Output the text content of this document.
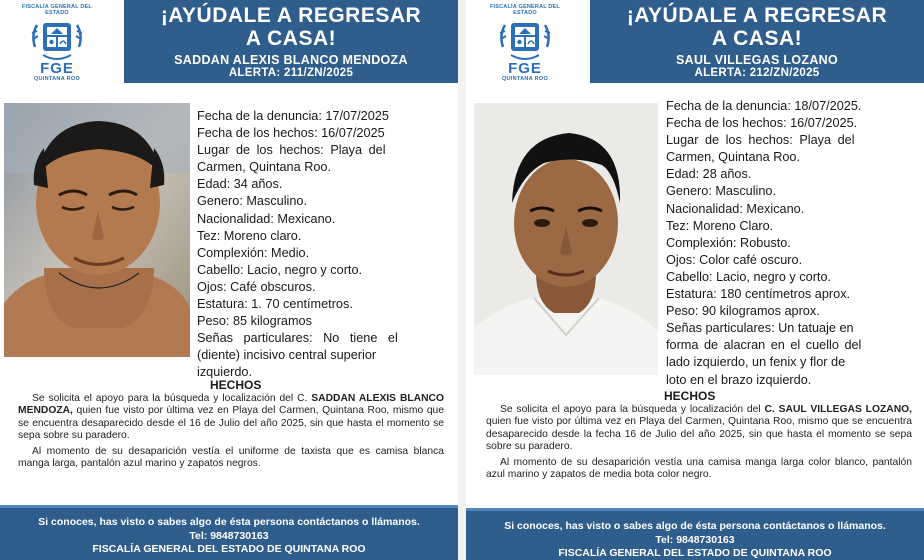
FISCALÍA GENERAL DEL ESTADO
FGE
QUINTANA ROO
¡AYÚDALE A REGRESAR
A CASA!
SADDAN ALEXIS BLANCO MENDOZA
ALERTA: 211/ZN/2025
Fecha de la denuncia: 17/07/2025
Fecha de los hechos: 16/07/2025
Lugar de los hechos: Playa del
Carmen, Quintana Roo.
Edad: 34 años.
Genero: Masculino.
Nacionalidad: Mexicano.
Tez: Moreno claro.
Complexión: Medio.
Cabello: Lacio, negro y corto.
Ojos: Café obscuros.
Estatura: 1. 70 centímetros.
Peso: 85 kilogramos
Señas particulares: No tiene el
(diente) incisivo central superior
izquierdo.
HECHOS

Se solicita el apoyo para la búsqueda y localización del C. SADDAN ALEXIS BLANCO MENDOZA, quien fue visto por última vez en Playa del Carmen, Quintana Roo, mismo que se encuentra desaparecido desde el 16 de Julio del año 2025, sin que hasta el momento se sepa sobre su paradero.

Al momento de su desaparición vestía el uniforme de taxista que es camisa blanca manga larga, pantalón azul marino y zapatos negros.

Si conoces, has visto o sabes algo de ésta persona contáctanos o llámanos.
Tel: 9848730163
FISCALÍA GENERAL DEL ESTADO DE QUINTANA ROO
FISCALÍA GENERAL DEL ESTADO
FGE
QUINTANA ROO
¡AYÚDALE A REGRESAR
A CASA!
SAUL VILLEGAS LOZANO
ALERTA: 212/ZN/2025
Fecha de la denuncia: 18/07/2025.
Fecha de los hechos: 16/07/2025.
Lugar de los hechos: Playa del
Carmen, Quintana Roo.
Edad: 28 años.
Genero: Masculino.
Nacionalidad: Mexicano.
Tez: Moreno Claro.
Complexión: Robusto.
Ojos: Color café oscuro.
Cabello: Lacio, negro y corto.
Estatura: 180 centímetros aprox.
Peso: 90 kilogramos aprox.
Señas particulares: Un tatuaje en
forma de alacran en el cuello del
lado izquierdo, un fenix y flor de
loto en el brazo izquierdo.
HECHOS

Se solicita el apoyo para la búsqueda y localización del C. SAUL VILLEGAS LOZANO, quien fue visto por última vez en Playa del Carmen, Quintana Roo, mismo que se encuentra desaparecido desde la fecha 16 de Julio del año 2025, sin que hasta el momento se sepa sobre su paradero.

Al momento de su desaparición vestía una camisa manga larga color blanco, pantalón azul marino y zapatos de media bota color negro.

Si conoces, has visto o sabes algo de ésta persona contáctanos o llámanos.
Tel: 9848730163
FISCALÍA GENERAL DEL ESTADO DE QUINTANA ROO
